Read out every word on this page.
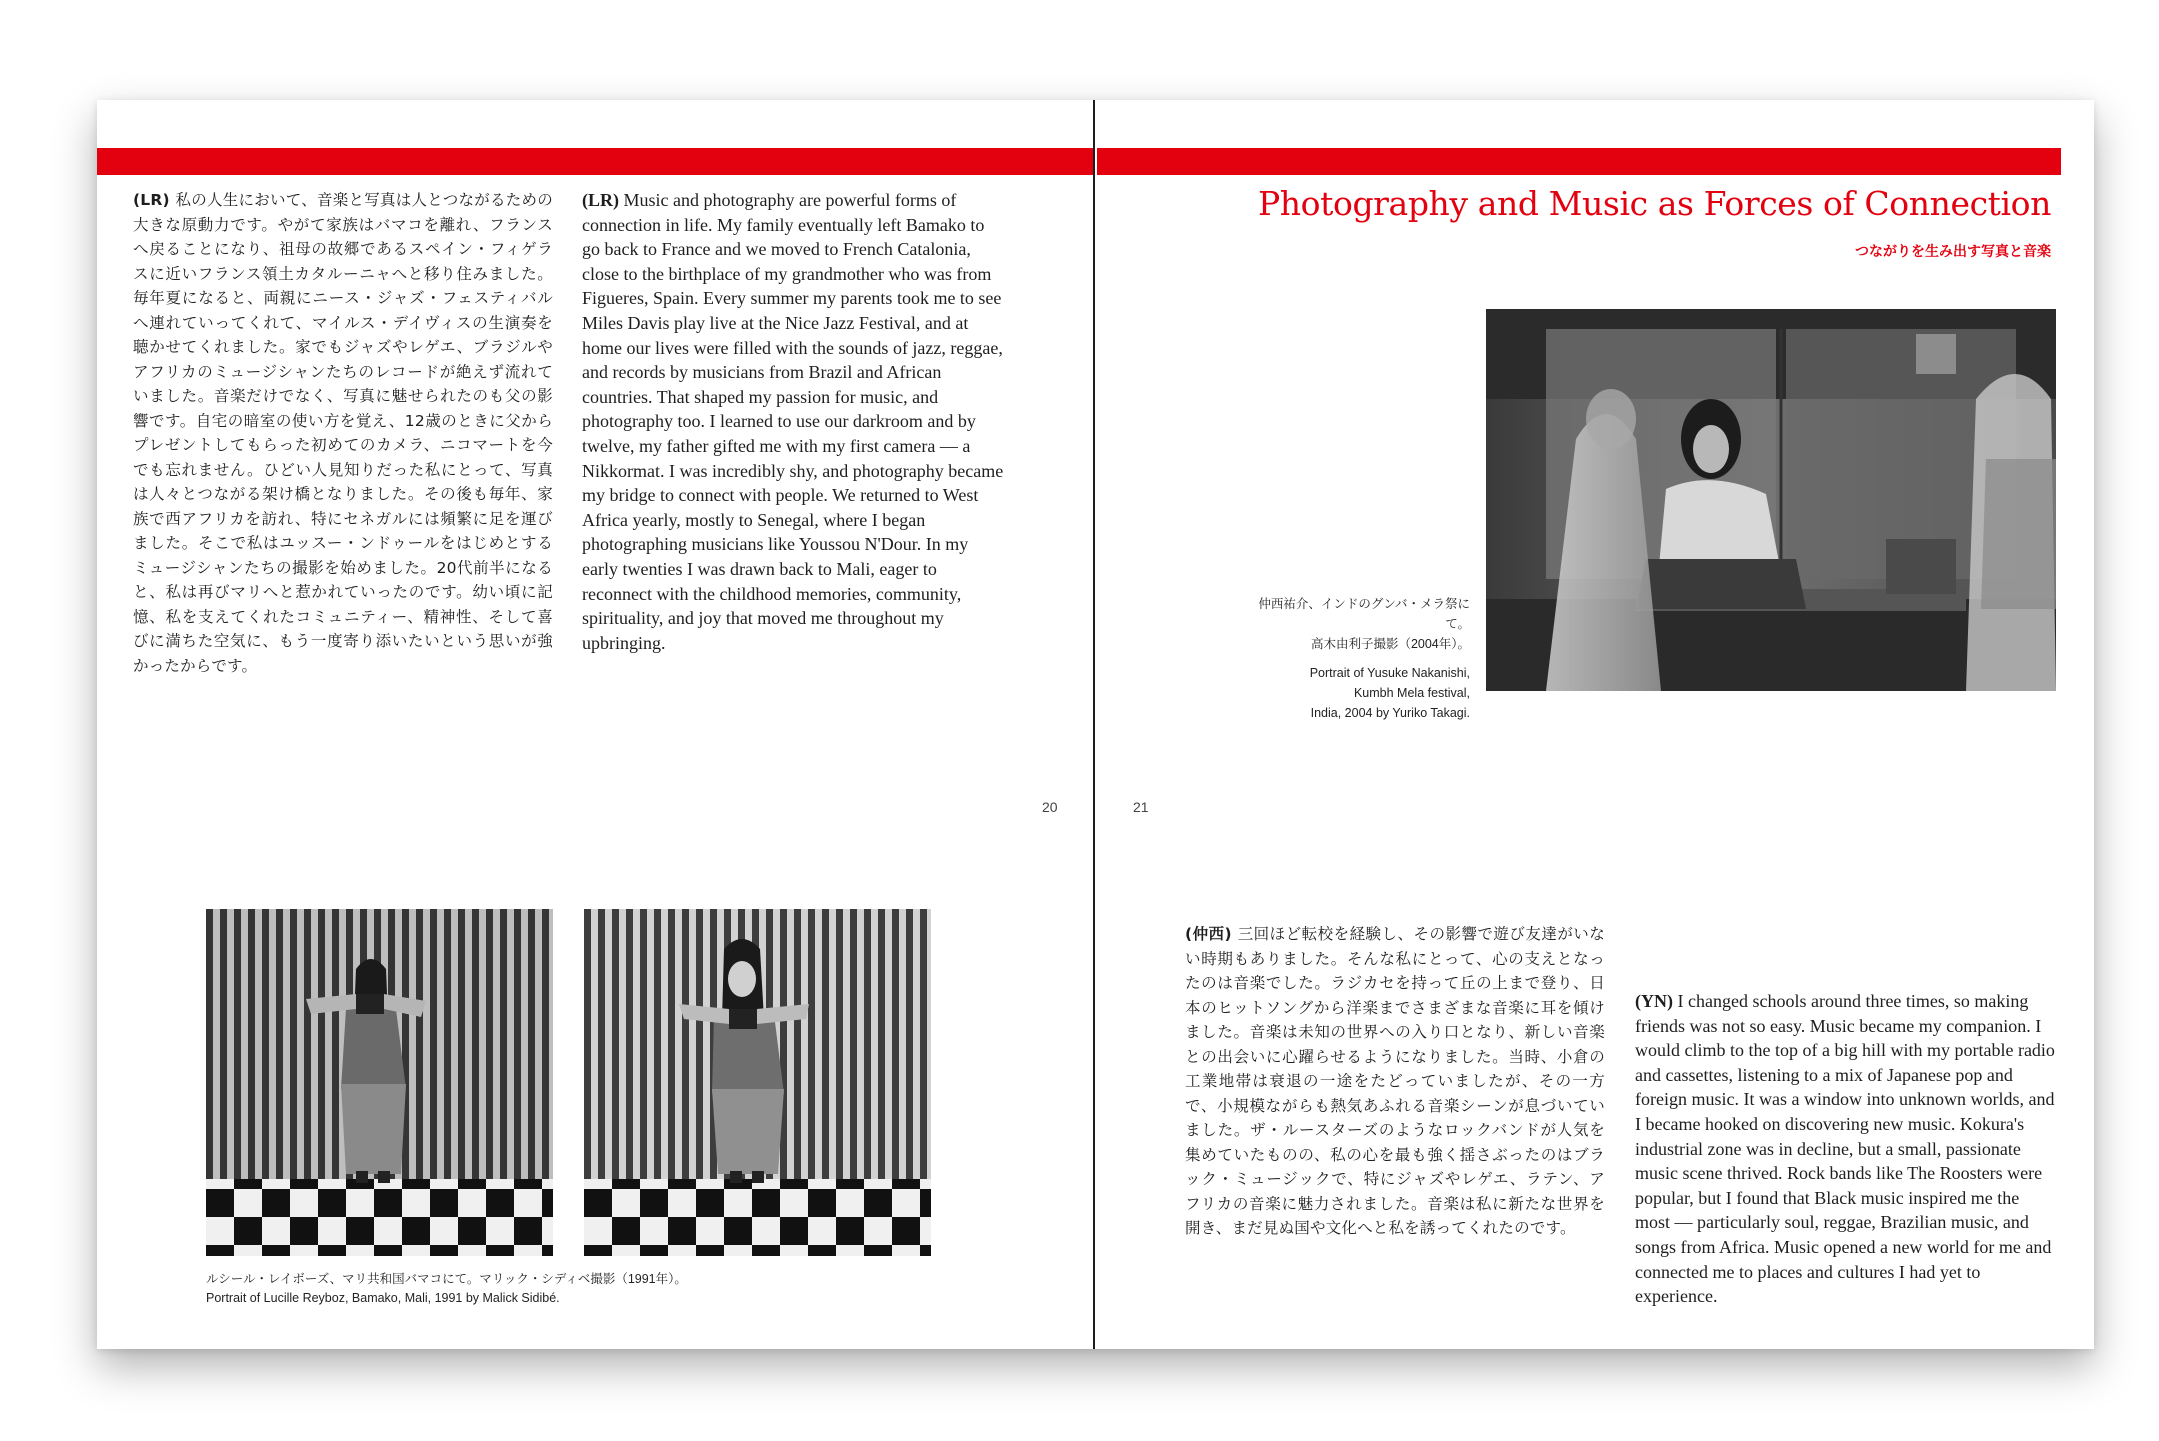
(LR) 私の人生において、音楽と写真は人とつながるための大きな原動力です。やがて家族はバマコを離れ、フランスへ戻ることになり、祖母の故郷であるスペイン・フィゲラスに近いフランス領土カタルーニャへと移り住みました。毎年夏になると、両親にニース・ジャズ・フェスティバルへ連れていってくれて、マイルス・デイヴィスの生演奏を聴かせてくれました。家でもジャズやレゲエ、ブラジルやアフリカのミュージシャンたちのレコードが絶えず流れていました。音楽だけでなく、写真に魅せられたのも父の影響です。自宅の暗室の使い方を覚え、12歳のときに父からプレゼントしてもらった初めてのカメラ、ニコマートを今でも忘れません。ひどい人見知りだった私にとって、写真は人々とつながる架け橋となりました。その後も毎年、家族で西アフリカを訪れ、特にセネガルには頻繁に足を運びました。そこで私はユッスー・ンドゥールをはじめとするミュージシャンたちの撮影を始めました。20代前半になると、私は再びマリへと惹かれていったのです。幼い頃に記憶、私を支えてくれたコミュニティー、精神性、そして喜びに満ちた空気に、もう一度寄り添いたいという思いが強かったからです。
(LR) Music and photography are powerful forms of connection in life. My family eventually left Bamako to go back to France and we moved to French Catalonia, close to the birthplace of my grandmother who was from Figueres, Spain. Every summer my parents took me to see Miles Davis play live at the Nice Jazz Festival, and at home our lives were filled with the sounds of jazz, reggae, and records by musicians from Brazil and African countries. That shaped my passion for music, and photography too. I learned to use our darkroom and by twelve, my father gifted me with my first camera — a Nikkormat. I was incredibly shy, and photography became my bridge to connect with people. We returned to West Africa yearly, mostly to Senegal, where I began photographing musicians like Youssou N'Dour. In my early twenties I was drawn back to Mali, eager to reconnect with the childhood memories, community, spirituality, and joy that moved me throughout my upbringing.
20	21
Photography and Music as Forces of Connection
つながりを生み出す写真と音楽
仲西祐介、インドのグンバ・メラ祭にて。
高木由利子撮影（2004年）。
Portrait of Yusuke Nakanishi,
Kumbh Mela festival,
India, 2004 by Yuriko Takagi.
ルシール・レイボーズ、マリ共和国バマコにて。マリック・シディベ撮影（1991年）。
Portrait of Lucille Reyboz, Bamako, Mali, 1991 by Malick Sidibé.
(仲西) 三回ほど転校を経験し、その影響で遊び友達がいない時期もありました。そんな私にとって、心の支えとなったのは音楽でした。ラジカセを持って丘の上まで登り、日本のヒットソングから洋楽までさまざまな音楽に耳を傾けました。音楽は未知の世界への入り口となり、新しい音楽との出会いに心躍らせるようになりました。当時、小倉の工業地帯は衰退の一途をたどっていましたが、その一方で、小規模ながらも熱気あふれる音楽シーンが息づいていました。ザ・ルースターズのようなロックバンドが人気を集めていたものの、私の心を最も強く揺さぶったのはブラック・ミュージックで、特にジャズやレゲエ、ラテン、アフリカの音楽に魅力されました。音楽は私に新たな世界を開き、まだ見ぬ国や文化へと私を誘ってくれたのです。
(YN) I changed schools around three times, so making friends was not so easy. Music became my companion. I would climb to the top of a big hill with my portable radio and cassettes, listening to a mix of Japanese pop and foreign music. It was a window into unknown worlds, and I became hooked on discovering new music. Kokura's industrial zone was in decline, but a small, passionate music scene thrived. Rock bands like The Roosters were popular, but I found that Black music inspired me the most — particularly soul, reggae, Brazilian music, and songs from Africa. Music opened a new world for me and connected me to places and cultures I had yet to experience.
